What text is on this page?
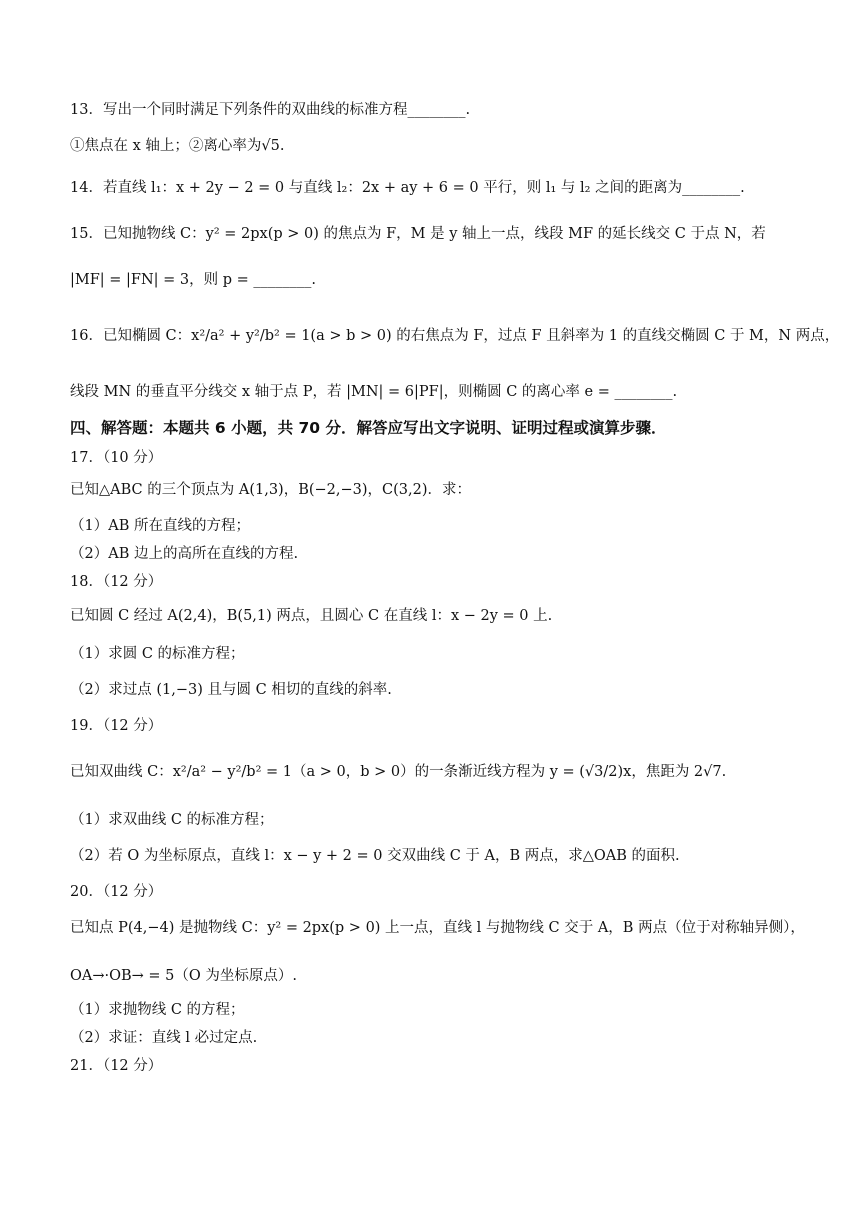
13．写出一个同时满足下列条件的双曲线的标准方程________.
①焦点在 x 轴上；②离心率为√5.
14．若直线 l₁：x + 2y − 2 = 0 与直线 l₂：2x + ay + 6 = 0 平行，则 l₁ 与 l₂ 之间的距离为________.
15．已知抛物线 C：y² = 2px(p > 0) 的焦点为 F，M 是 y 轴上一点，线段 MF 的延长线交 C 于点 N，若
|MF| = |FN| = 3，则 p = ________.
16．已知椭圆 C：x²/a² + y²/b² = 1(a > b > 0) 的右焦点为 F，过点 F 且斜率为 1 的直线交椭圆 C 于 M，N 两点，
线段 MN 的垂直平分线交 x 轴于点 P，若 |MN| = 6|PF|，则椭圆 C 的离心率 e = ________.
四、解答题：本题共 6 小题，共 70 分．解答应写出文字说明、证明过程或演算步骤．
17．（10 分）
已知△ABC 的三个顶点为 A(1,3)，B(−2,−3)，C(3,2)．求：
（1）AB 所在直线的方程；
（2）AB 边上的高所在直线的方程.
18．（12 分）
已知圆 C 经过 A(2,4)，B(5,1) 两点，且圆心 C 在直线 l：x − 2y = 0 上.
（1）求圆 C 的标准方程；
（2）求过点 (1,−3) 且与圆 C 相切的直线的斜率.
19．（12 分）
已知双曲线 C：x²/a² − y²/b² = 1（a > 0，b > 0）的一条渐近线方程为 y = (√3/2)x，焦距为 2√7.
（1）求双曲线 C 的标准方程；
（2）若 O 为坐标原点，直线 l：x − y + 2 = 0 交双曲线 C 于 A，B 两点，求△OAB 的面积.
20．（12 分）
已知点 P(4,−4) 是抛物线 C：y² = 2px(p > 0) 上一点，直线 l 与抛物线 C 交于 A，B 两点（位于对称轴异侧），
OA→·OB→ = 5（O 为坐标原点）.
（1）求抛物线 C 的方程；
（2）求证：直线 l 必过定点.
21．（12 分）
